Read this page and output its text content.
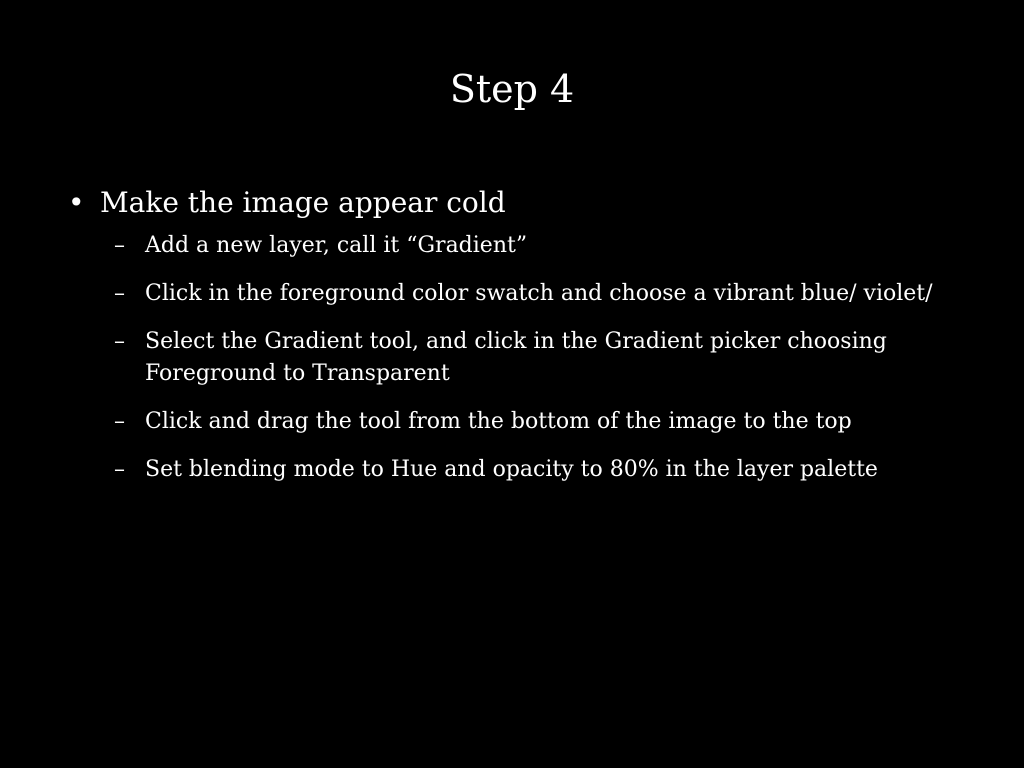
Step 4
• Make the image appear cold
– Add a new layer, call it “Gradient”
– Click in the foreground color swatch and choose a vibrant blue/ violet/
– Select the Gradient tool, and click in the Gradient picker choosing Foreground to Transparent
– Click and drag the tool from the bottom of the image to the top
– Set blending mode to Hue and opacity to 80% in the layer palette
